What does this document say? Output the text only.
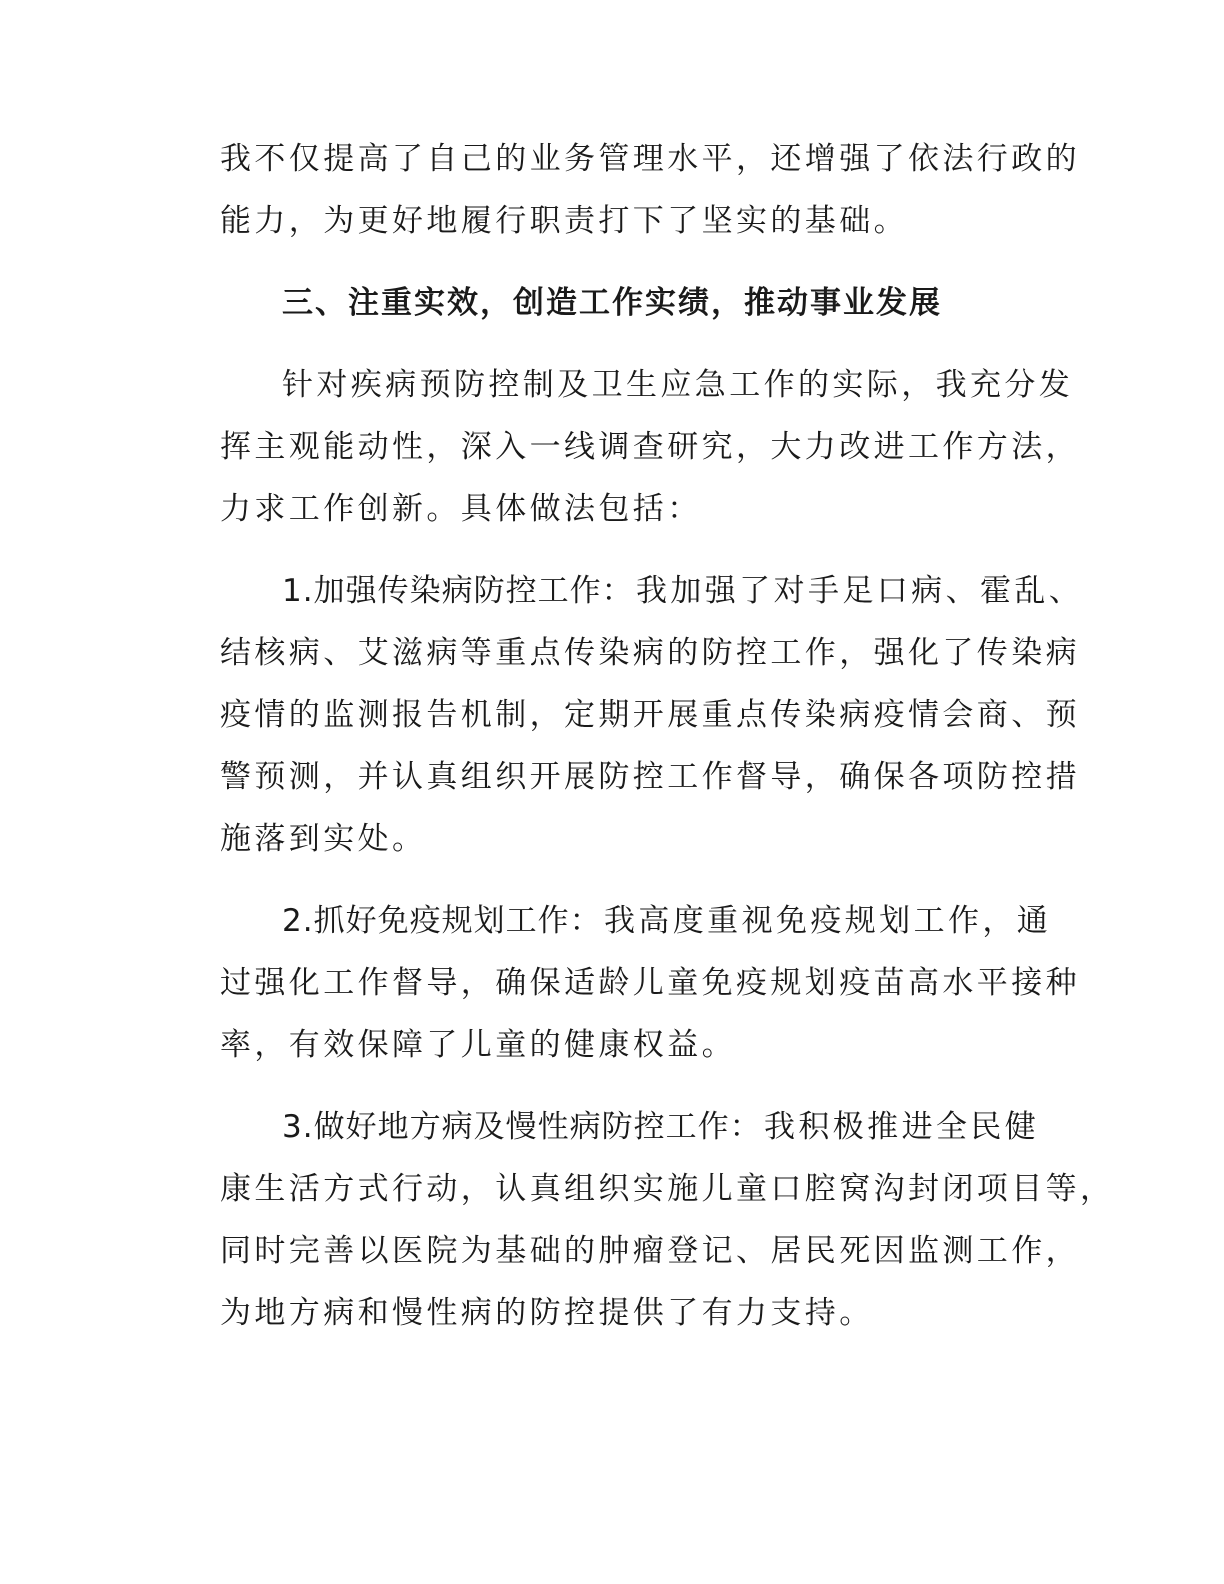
我不仅提高了自己的业务管理水平，还增强了依法行政的
能力，为更好地履行职责打下了坚实的基础。
三、注重实效，创造工作实绩，推动事业发展
针对疾病预防控制及卫生应急工作的实际，我充分发
挥主观能动性，深入一线调查研究，大力改进工作方法，
力求工作创新。具体做法包括：
1.加强传染病防控工作：我加强了对手足口病、霍乱、
结核病、艾滋病等重点传染病的防控工作，强化了传染病
疫情的监测报告机制，定期开展重点传染病疫情会商、预
警预测，并认真组织开展防控工作督导，确保各项防控措
施落到实处。
2.抓好免疫规划工作：我高度重视免疫规划工作，通
过强化工作督导，确保适龄儿童免疫规划疫苗高水平接种
率，有效保障了儿童的健康权益。
3.做好地方病及慢性病防控工作：我积极推进全民健
康生活方式行动，认真组织实施儿童口腔窝沟封闭项目等，
同时完善以医院为基础的肿瘤登记、居民死因监测工作，
为地方病和慢性病的防控提供了有力支持。
